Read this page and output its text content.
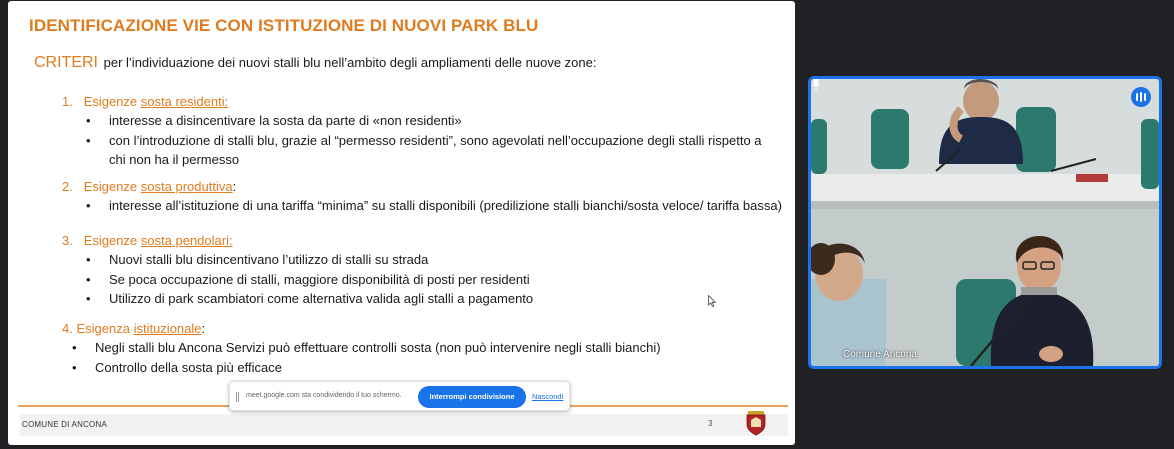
IDENTIFICAZIONE VIE CON ISTITUZIONE DI NUOVI PARK BLU
CRITERI per l’individuazione dei nuovi stalli blu nell’ambito degli ampliamenti delle nuove zone:
1. Esigenze sosta residenti:
• interesse a disincentivare la sosta da parte di «non residenti»
• con l’introduzione di stalli blu, grazie al “permesso residenti”, sono agevolati nell’occupazione degli stalli rispetto a chi non ha il permesso
2. Esigenze sosta produttiva:
• interesse all’istituzione di una tariffa “minima” su stalli disponibili (predilizione stalli bianchi/sosta veloce/ tariffa bassa)
3. Esigenze sosta pendolari:
• Nuovi stalli blu disincentivano l’utilizzo di stalli su strada
• Se poca occupazione di stalli, maggiore disponibilità di posti per residenti
• Utilizzo di park scambiatori come alternativa valida agli stalli a pagamento
4. Esigenza istituzionale:
• Negli stalli blu Ancona Servizi può effettuare controlli sosta (non può intervenire negli stalli bianchi)
• Controllo della sosta più efficace
COMUNE DI ANCONA	3
meet.google.com sta condividendo il tuo schermo.	Interrompi condivisione	Nascondi
Comune Ancona
